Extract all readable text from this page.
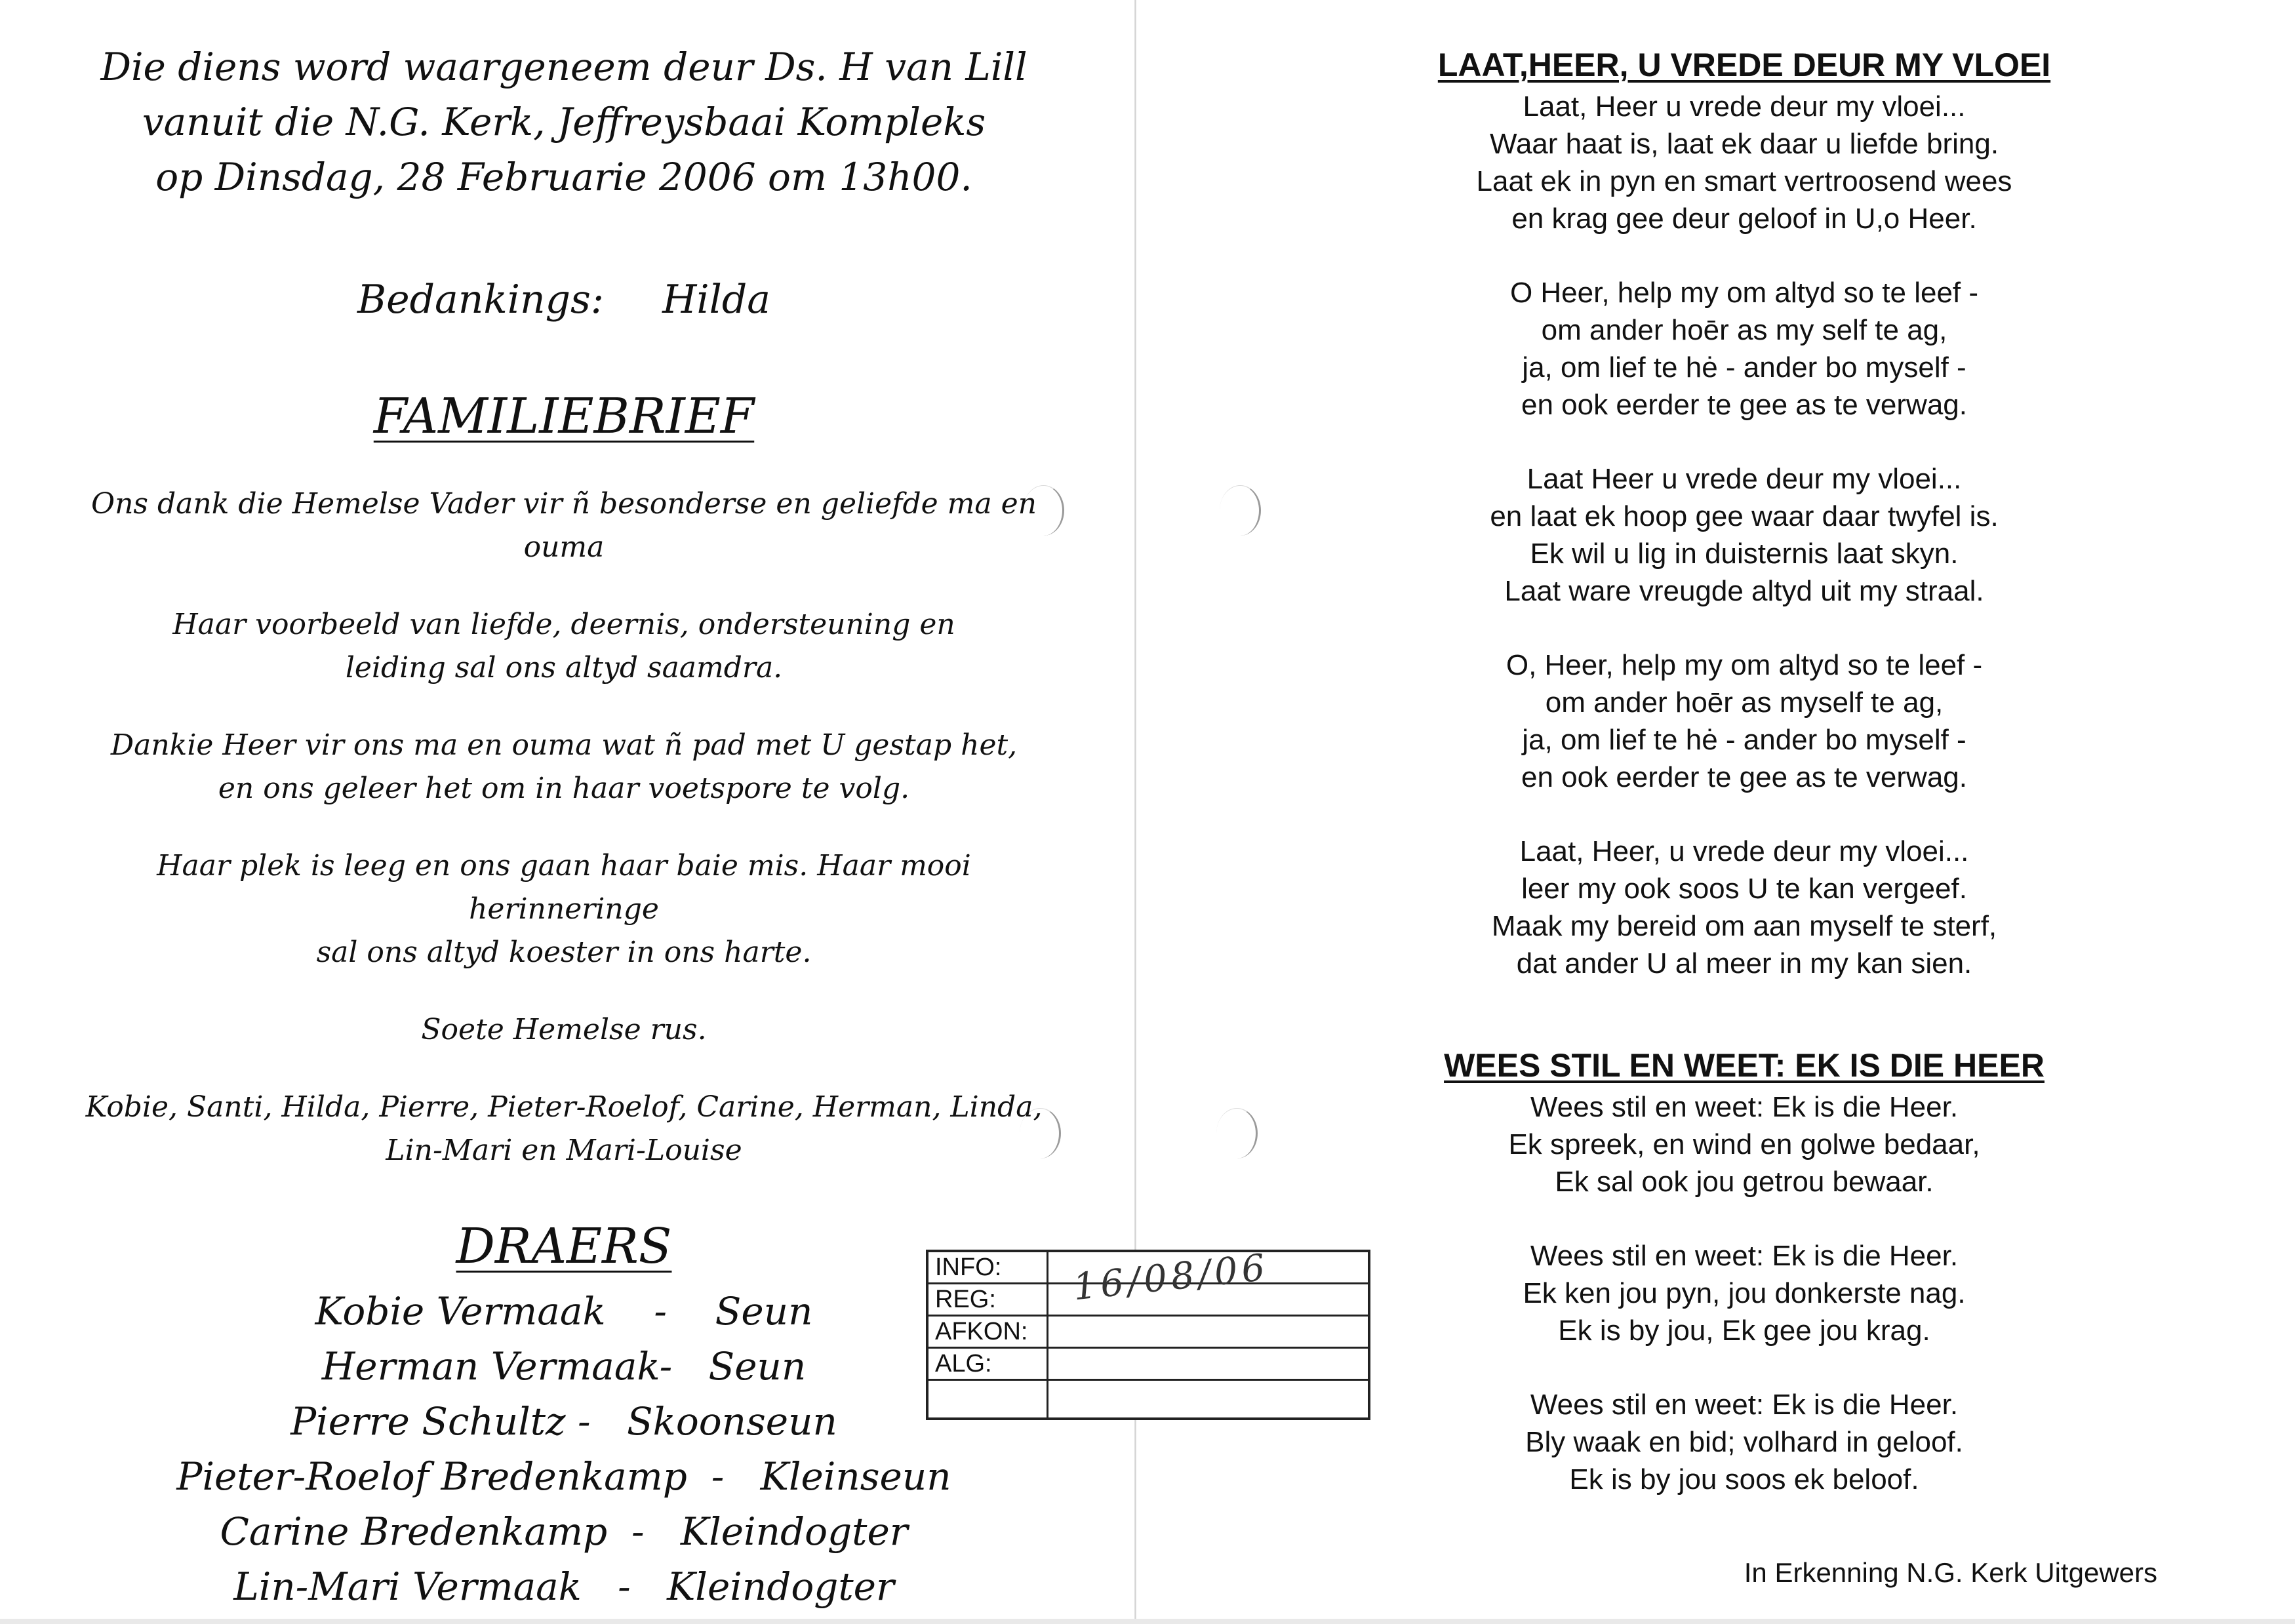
Die diens word waargeneem deur Ds. H van Lill

vanuit die N.G. Kerk, Jeffreysbaai Kompleks

op Dinsdag, 28 Februarie 2006 om 13h00.

Bedankings: Hilda
FAMILIEBRIEF

Ons dank die Hemelse Vader vir ñ besonderse en geliefde ma en ouma

Haar voorbeeld van liefde, deernis, ondersteuning en

leiding sal ons altyd saamdra.

Dankie Heer vir ons ma en ouma wat ñ pad met U gestap het,

en ons geleer het om in haar voetspore te volg.

Haar plek is leeg en ons gaan haar baie mis. Haar mooi herinneringe

sal ons altyd koester in ons harte.

Soete Hemelse rus.

Kobie, Santi, Hilda, Pierre, Pieter-Roelof, Carine, Herman, Linda,

Lin-Mari en Mari-Louise

DRAERS
Kobie Vermaak    -    Seun
Herman Vermaak-   Seun
Pierre Schultz -   Skoonseun
Pieter-Roelof Bredenkamp  -   Kleinseun
Carine Bredenkamp  -   Kleindogter
Lin-Mari Vermaak   -   Kleindogter
INFO:
REG:
AFKON:
ALG:
16/08/06

LAAT,HEER, U VREDE DEUR MY VLOEI

Laat, Heer u vrede deur my vloei...

Waar haat is, laat ek daar u liefde bring.

Laat ek in pyn en smart vertroosend wees

en krag gee deur geloof in U,o Heer.

O Heer, help my om altyd so te leef -

om ander hoēr as my self te ag,

ja, om lief te hė - ander bo myself -

en ook eerder te gee as te verwag.

Laat Heer u vrede deur my vloei...

en laat ek hoop gee waar daar twyfel is.

Ek wil u lig in duisternis laat skyn.

Laat ware vreugde altyd uit my straal.

O, Heer, help my om altyd so te leef -

om ander hoēr as myself te ag,

ja, om lief te hė - ander bo myself -

en ook eerder te gee as te verwag.

Laat, Heer, u vrede deur my vloei...

leer my ook soos U te kan vergeef.

Maak my bereid om aan myself te sterf,

dat ander U al meer in my kan sien.

WEES STIL EN WEET: EK IS DIE HEER

Wees stil en weet: Ek is die Heer.

Ek spreek, en wind en golwe bedaar,

Ek sal ook jou getrou bewaar.

Wees stil en weet: Ek is die Heer.

Ek ken jou pyn, jou donkerste nag.

Ek is by jou, Ek gee jou krag.

Wees stil en weet: Ek is die Heer.

Bly waak en bid; volhard in geloof.

Ek is by jou soos ek beloof.

In Erkenning N.G. Kerk Uitgewers
